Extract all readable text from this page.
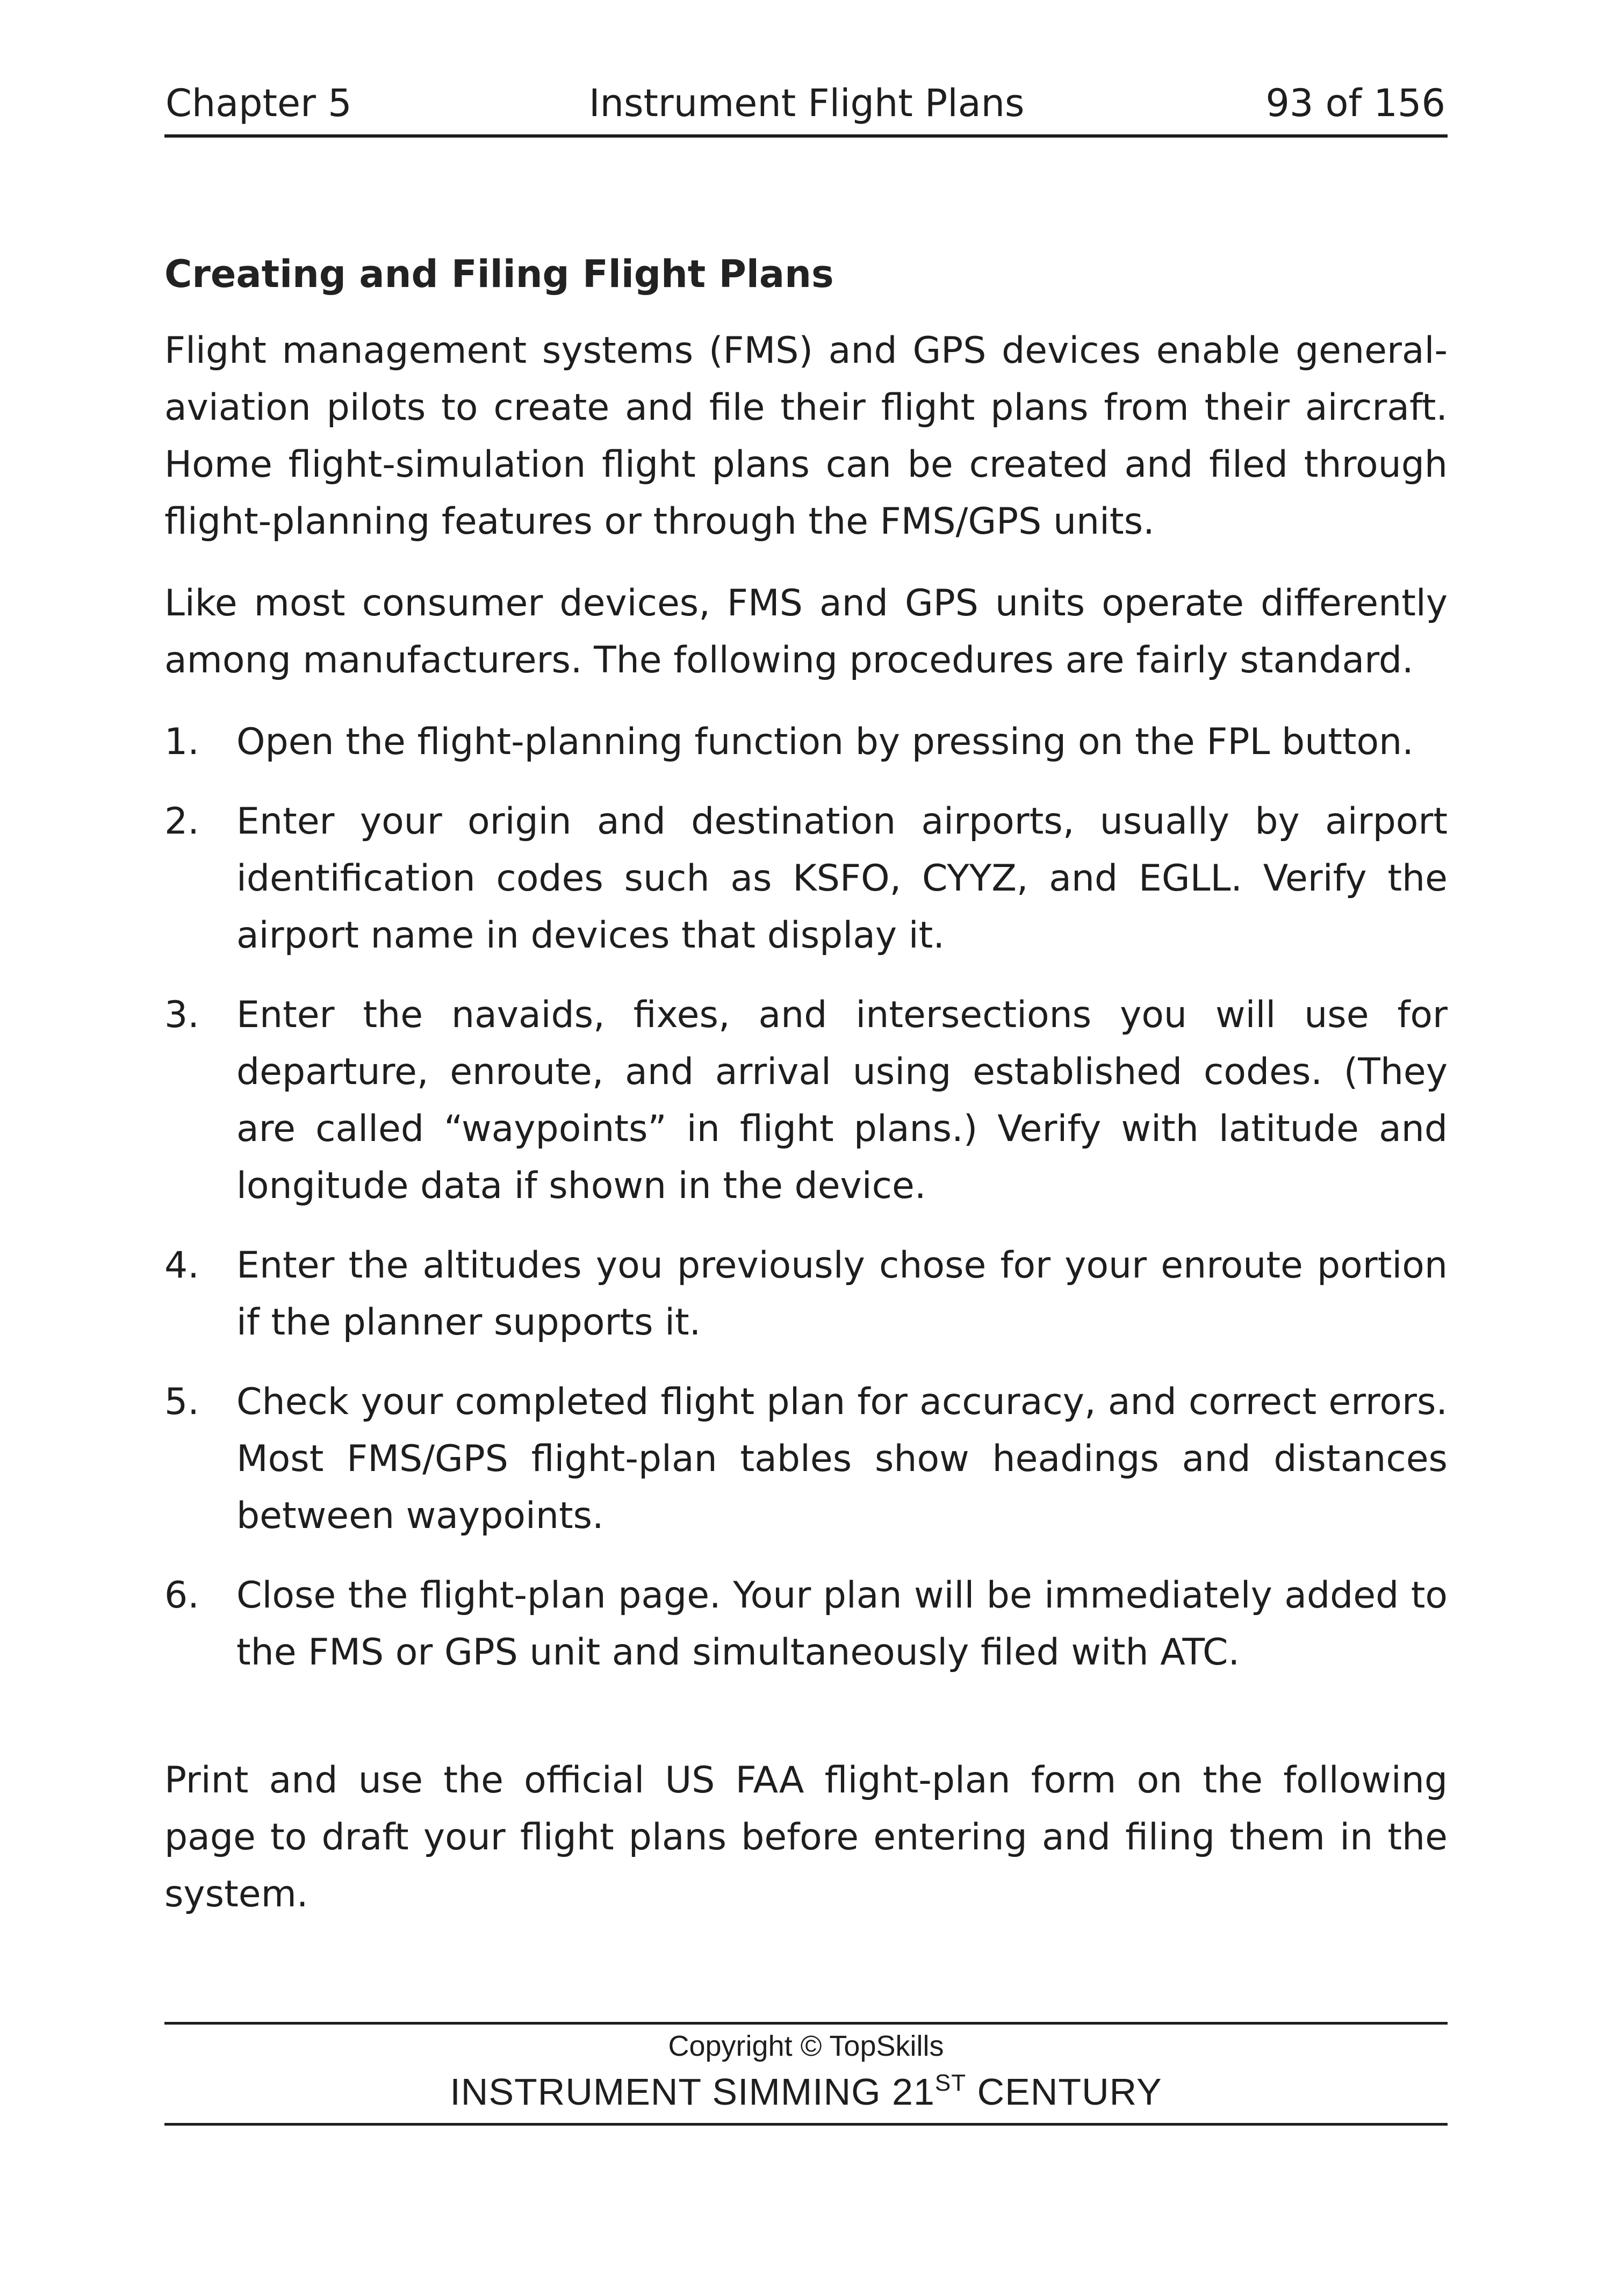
Chapter 5	Instrument Flight Plans	93 of 156
Creating and Filing Flight Plans

Flight management systems (FMS) and GPS devices enable general-aviation pilots to create and file their flight plans from their aircraft. Home flight-simulation flight plans can be created and filed through flight-planning features or through the FMS/GPS units.

Like most consumer devices, FMS and GPS units operate differently among manufacturers. The following procedures are fairly standard.

1. Open the flight-planning function by pressing on the FPL button.
2. Enter your origin and destination airports, usually by airport identification codes such as KSFO, CYYZ, and EGLL. Verify the airport name in devices that display it.
3. Enter the navaids, fixes, and intersections you will use for departure, enroute, and arrival using established codes. (They are called “waypoints” in flight plans.) Verify with latitude and longitude data if shown in the device.
4. Enter the altitudes you previously chose for your enroute portion if the planner supports it.
5. Check your completed flight plan for accuracy, and correct errors. Most FMS/GPS flight-plan tables show headings and distances between waypoints.
6. Close the flight-plan page. Your plan will be immediately added to the FMS or GPS unit and simultaneously filed with ATC.

Print and use the official US FAA flight-plan form on the following page to draft your flight plans before entering and filing them in the system.

Copyright © TopSkills
INSTRUMENT SIMMING 21ST CENTURY
